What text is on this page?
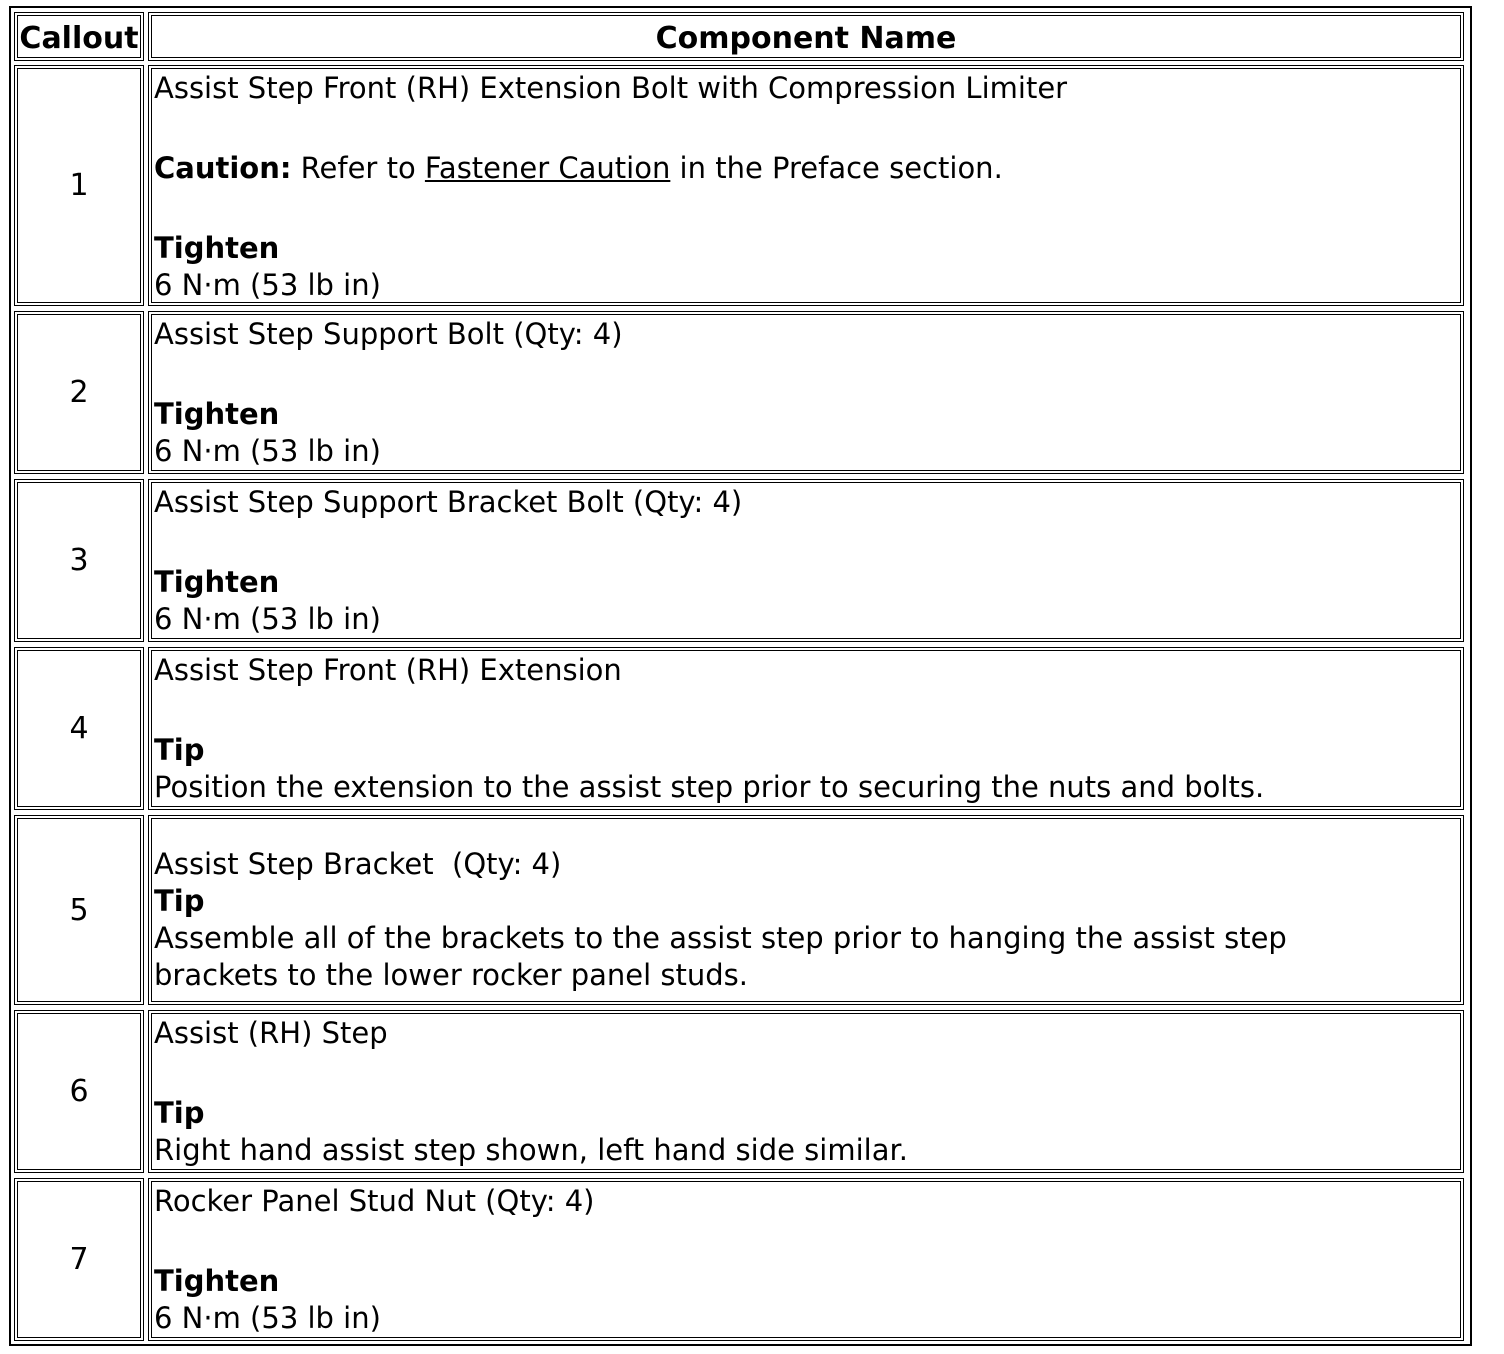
Callout	Component Name
1

Assist Step Front (RH) Extension Bolt with Compression Limiter

Caution: Refer to Fastener Caution in the Preface section.

Tighten

6 N·m (53 lb in)

2

Assist Step Support Bolt (Qty: 4)

Tighten

6 N·m (53 lb in)

3

Assist Step Support Bracket Bolt (Qty: 4)

Tighten

6 N·m (53 lb in)

4

Assist Step Front (RH) Extension

Tip

Position the extension to the assist step prior to securing the nuts and bolts.

5

Assist Step Bracket  (Qty: 4)

Tip

Assemble all of the brackets to the assist step prior to hanging the assist step

brackets to the lower rocker panel studs.

6

Assist (RH) Step

Tip

Right hand assist step shown, left hand side similar.

7

Rocker Panel Stud Nut (Qty: 4)

Tighten

6 N·m (53 lb in)
